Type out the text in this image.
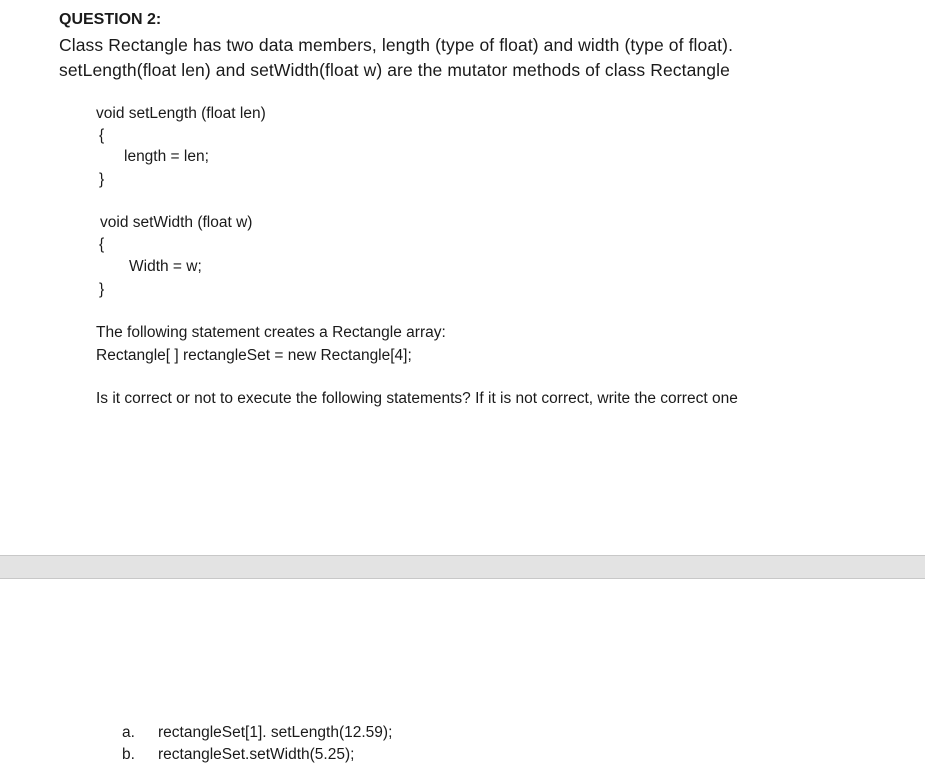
QUESTION 2:
Class Rectangle has two data members, length (type of float) and width (type of float).
setLength(float len) and setWidth(float w) are the mutator methods of class Rectangle
void setLength (float len)
{
length = len;
}
void setWidth (float w)
{
Width = w;
}
The following statement creates a Rectangle array:
Rectangle[ ] rectangleSet = new Rectangle[4];
Is it correct or not to execute the following statements? If it is not correct, write the correct one
a. rectangleSet[1]. setLength(12.59);
b. rectangleSet.setWidth(5.25);
